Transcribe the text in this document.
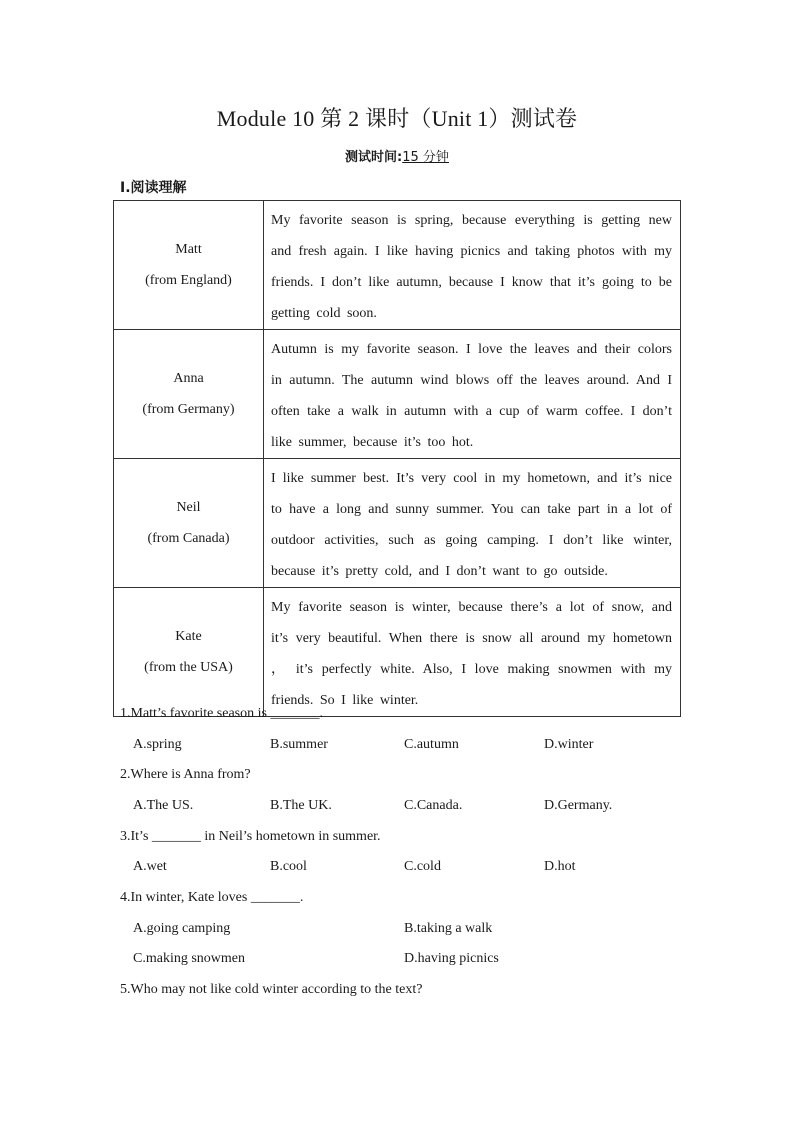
Module 10 第 2 课时（Unit 1）测试卷
测试时间:15 分钟
Ⅰ.阅读理解
Matt
(from England)	My favorite season is spring, because everything is getting new and fresh again. I like having picnics and taking photos with my friends. I don’t like autumn, because I know that it’s going to be getting cold soon.

Anna
(from Germany)	Autumn is my favorite season. I love the leaves and their colors in autumn. The autumn wind blows off the leaves around. And I often take a walk in autumn with a cup of warm coffee. I don’t like summer, because it’s too hot.

Neil
(from Canada)	I like summer best. It’s very cool in my hometown, and it’s nice to have a long and sunny summer. You can take part in a lot of outdoor activities, such as going camping. I don’t like winter, because it’s pretty cold, and I don’t want to go outside.

Kate
(from the USA)	My favorite season is winter, because there’s a lot of snow, and it’s very beautiful. When there is snow all around my hometown ， it’s perfectly white. Also, I love making snowmen with my friends. So I like winter.
1.Matt’s favorite season is _______.
A.spring	B.summer	C.autumn	D.winter
2.Where is Anna from?
A.The US.	B.The UK.	C.Canada.	D.Germany.
3.It’s _______ in Neil’s hometown in summer.
A.wet	B.cool	C.cold	D.hot
4.In winter, Kate loves _______.
A.going camping	B.taking a walk
C.making snowmen	D.having picnics
5.Who may not like cold winter according to the text?
